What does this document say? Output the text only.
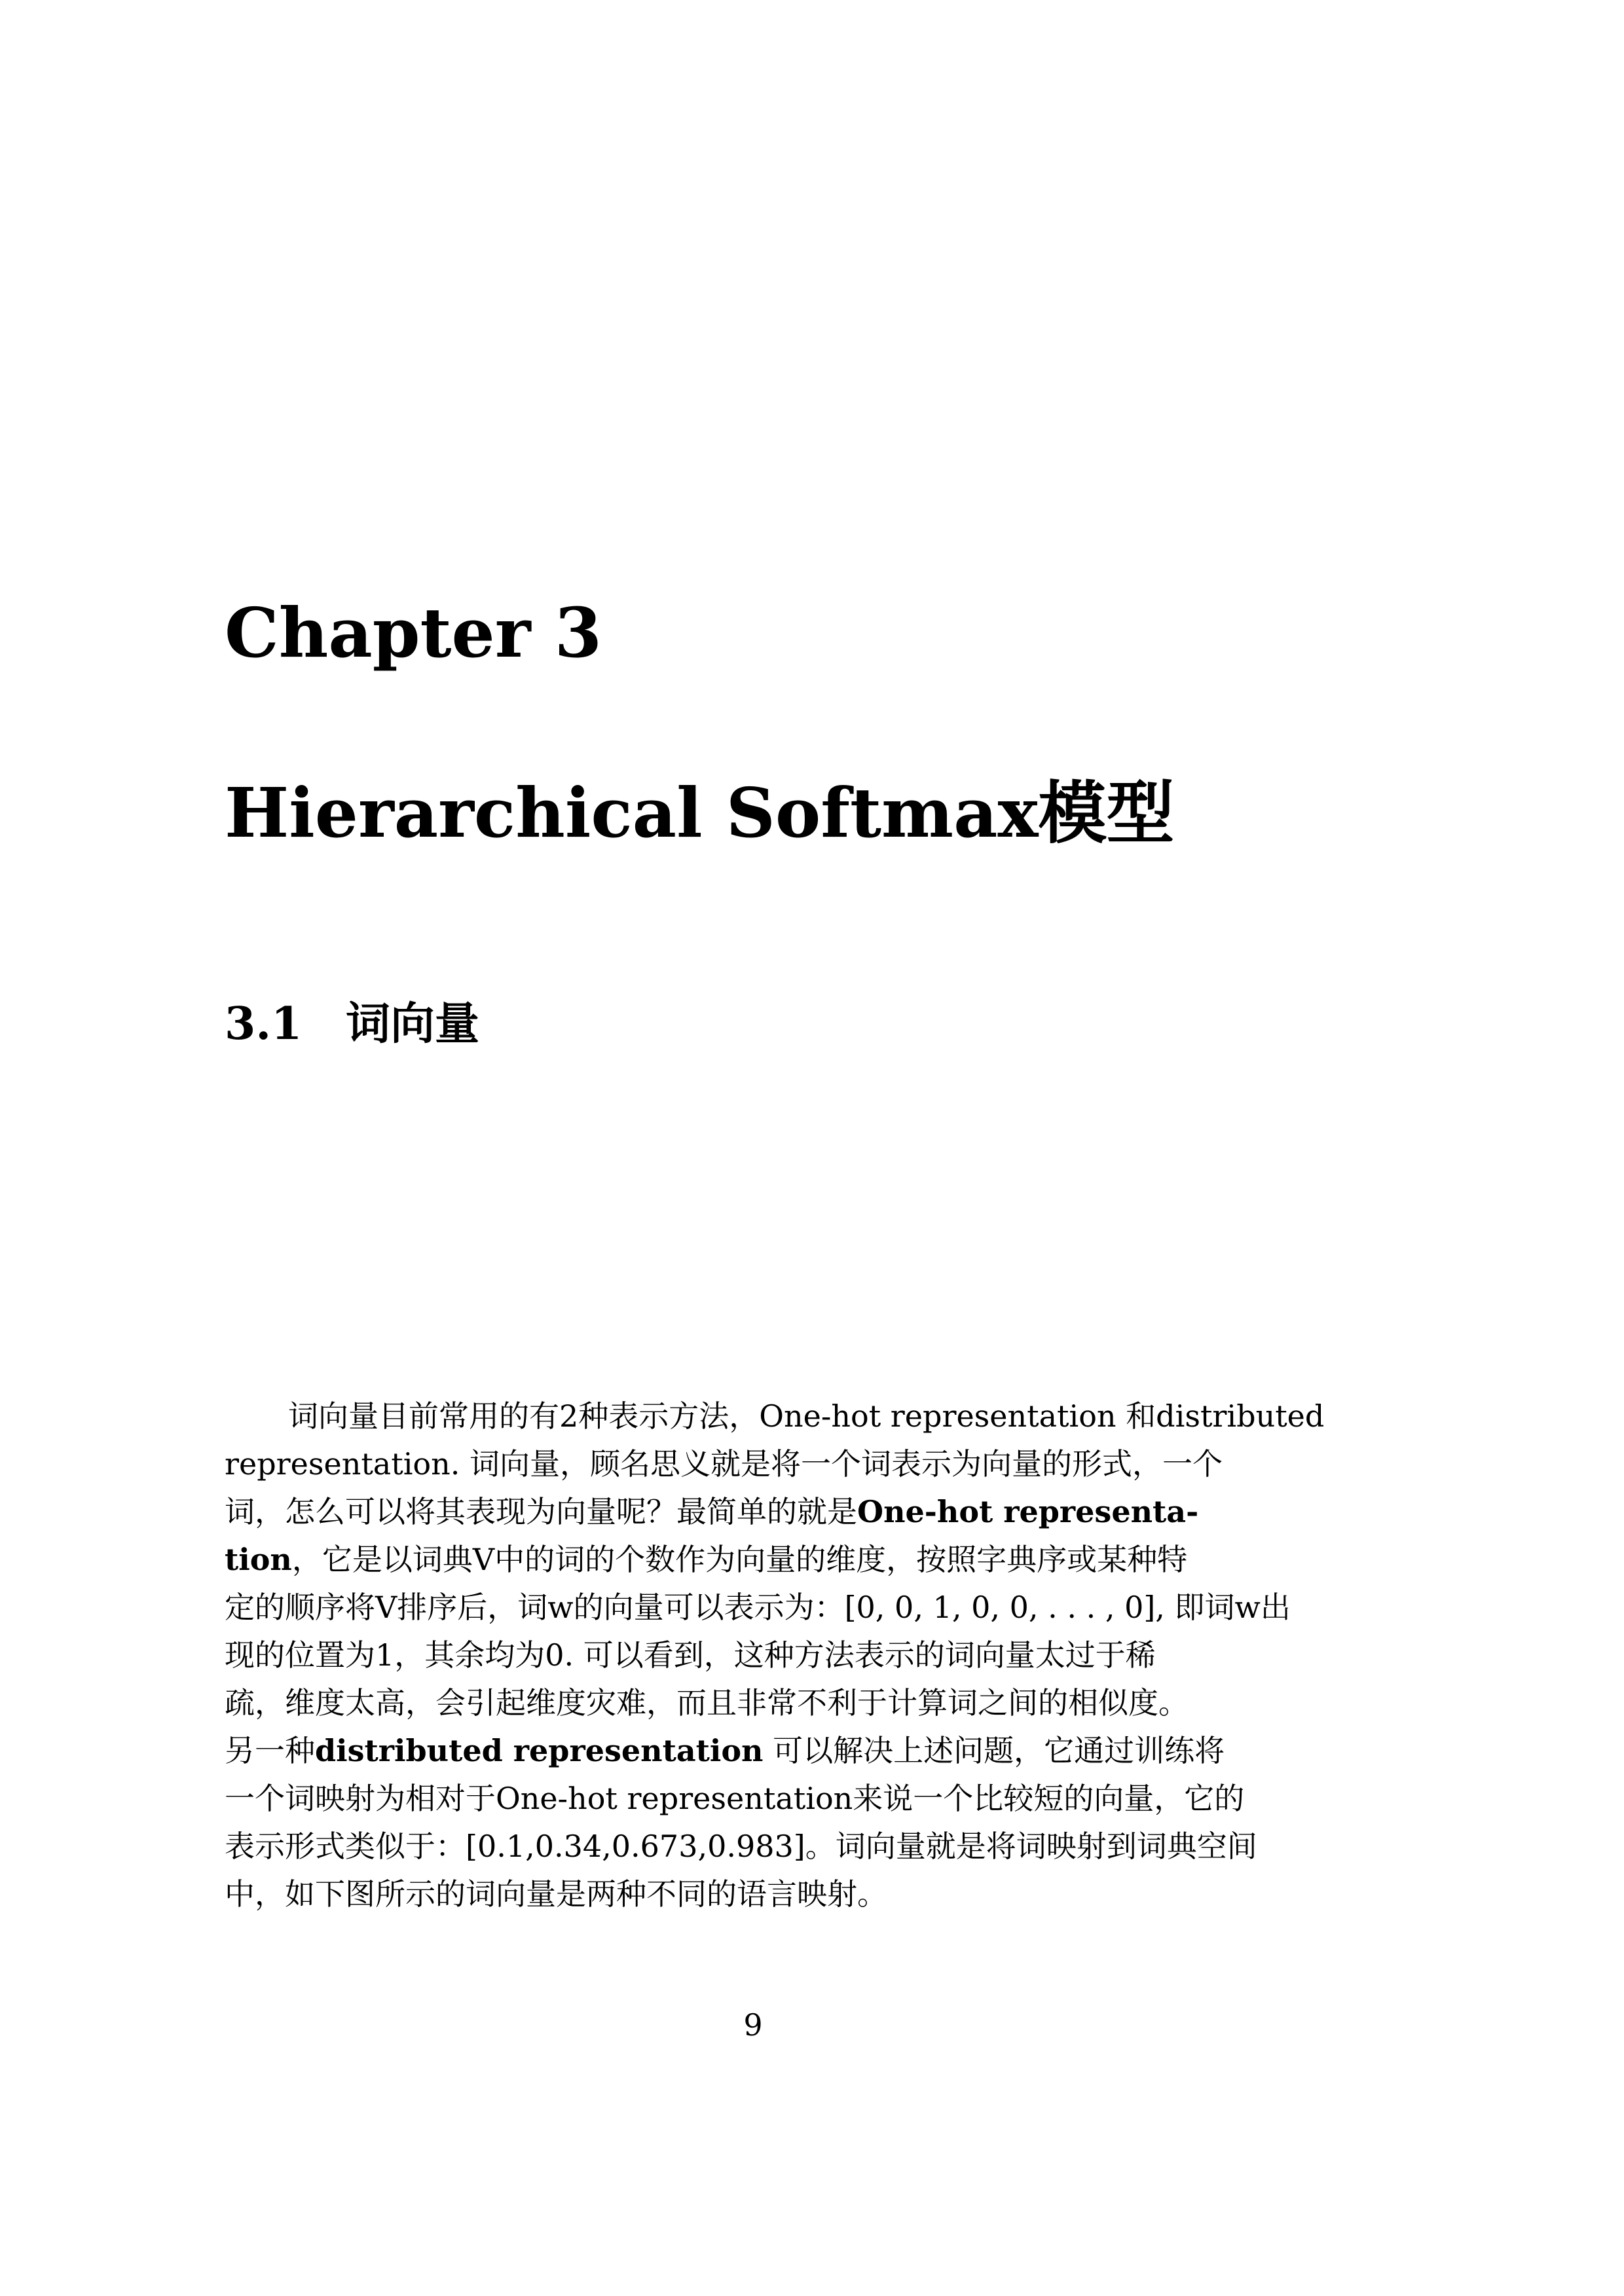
Chapter 3
Hierarchical Softmax模型
3.1 词向量
词向量目前常用的有2种表示方法，One-hot representation 和distributed
representation. 词向量，顾名思义就是将一个词表示为向量的形式，一个
词，怎么可以将其表现为向量呢？最简单的就是One-hot representa-
tion，它是以词典V中的词的个数作为向量的维度，按照字典序或某种特
定的顺序将V排序后，词w的向量可以表示为：[0, 0, 1, 0, 0, . . . , 0], 即词w出
现的位置为1，其余均为0. 可以看到，这种方法表示的词向量太过于稀
疏，维度太高，会引起维度灾难，而且非常不利于计算词之间的相似度。
另一种distributed representation 可以解决上述问题，它通过训练将
一个词映射为相对于One-hot representation来说一个比较短的向量，它的
表示形式类似于：[0.1,0.34,0.673,0.983]。词向量就是将词映射到词典空间
中，如下图所示的词向量是两种不同的语言映射。
9
